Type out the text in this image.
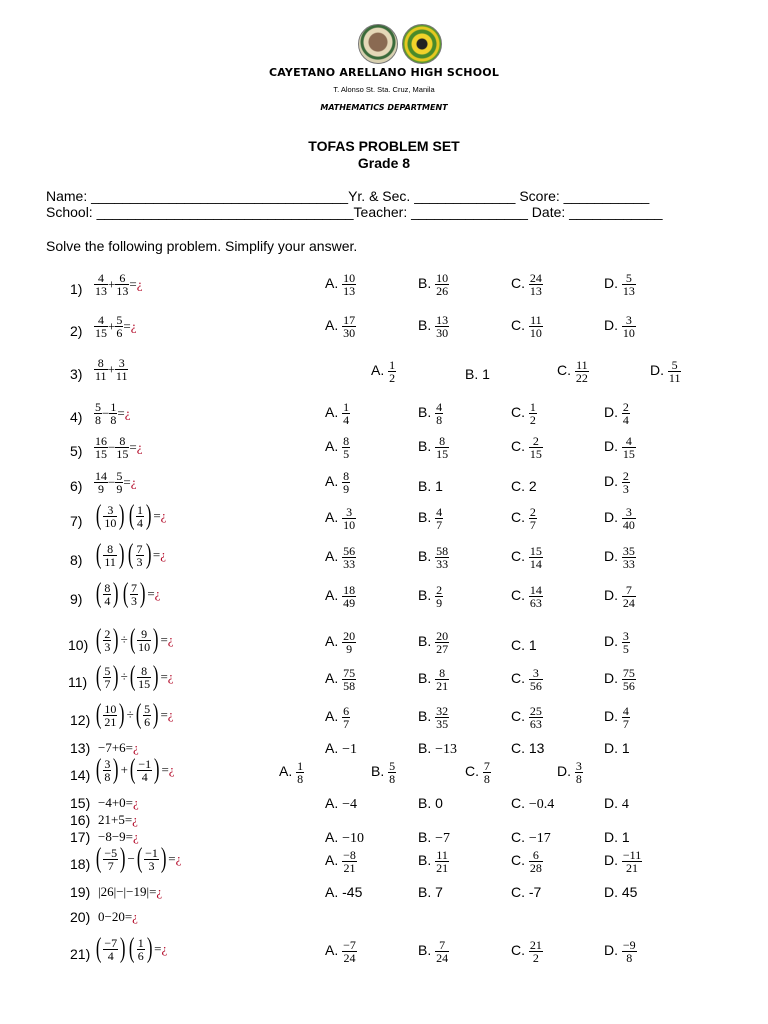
CAYETANO ARELLANO HIGH SCHOOL
T. Alonso St. Sta. Cruz, Manila
MATHEMATICS DEPARTMENT
TOFAS PROBLEM SET
Grade 8
Name: _________________________________Yr. & Sec. _____________ Score: ___________
School: _________________________________Teacher: _______________ Date: ____________
Solve the following problem. Simplify your answer.
$1) \frac{4}{13} + \frac{6}{13}$ =¿	A. $\frac{10}{13}$	B. $\frac{10}{26}$	C. $\frac{24}{13}$	D. $\frac{5}{13}$
$2) \frac{4}{15} + \frac{5}{6}$ =¿	A. $\frac{17}{30}$	B. $\frac{13}{30}$	C. $\frac{11}{10}$	D. $\frac{3}{10}$
$3) \frac{8}{11} + \frac{3}{11}$	A. $\frac{1}{2}$	B. 1	C. $\frac{11}{22}$	D. $\frac{5}{11}$
$4) \frac{5}{8} - \frac{1}{8}$ =¿	A. $\frac{1}{4}$	B. $\frac{4}{8}$	C. $\frac{1}{2}$	D. $\frac{2}{4}$
$5) \frac{16}{15} - \frac{8}{15}$ =¿	A. $\frac{8}{5}$	B. $\frac{8}{15}$	C. $\frac{2}{15}$	D. $\frac{4}{15}$
$6) \frac{14}{9} - \frac{5}{9}$ =¿	A. $\frac{8}{9}$	B. 1	C. 2	D. $\frac{2}{3}$
7) ( $\frac{3}{10}$ ) ( $\frac{1}{4}$ ) =¿	A. $\frac{3}{10}$	B. $\frac{4}{7}$	C. $\frac{2}{7}$	D. $\frac{3}{40}$
8) ( $\frac{8}{11}$ ) ( $\frac{7}{3}$ ) =¿	A. $\frac{56}{33}$	B. $\frac{58}{33}$	C. $\frac{15}{14}$	D. $\frac{35}{33}$
9) ( $\frac{8}{4}$ ) ( $\frac{7}{3}$ ) =¿	A. $\frac{18}{49}$	B. $\frac{2}{9}$	C. $\frac{14}{63}$	D. $\frac{7}{24}$
10) ( $\frac{2}{3}$ ) ÷( $\frac{9}{10}$ ) =¿	A. $\frac{20}{9}$	B. $\frac{20}{27}$	C. 1	D. $\frac{3}{5}$
11) ( $\frac{5}{7}$ ) ÷( $\frac{8}{15}$ ) =¿	A. $\frac{75}{58}$	B. $\frac{8}{21}$	C. $\frac{3}{56}$	D. $\frac{75}{56}$
12) ( $\frac{10}{21}$ ) ÷( $\frac{5}{6}$ ) =¿	A. $\frac{6}{7}$	B. $\frac{32}{35}$	C. $\frac{25}{63}$	D. $\frac{4}{7}$
13) −7+6=¿	A. −1	B. −13	C. 13	D. 1
14) ( $\frac{3}{8}$ ) +( $\frac{-1}{4}$ ) =¿	A. $\frac{1}{8}$	B. $\frac{5}{8}$	C. $\frac{7}{8}$	D. $\frac{3}{8}$
15) −4+0=¿	A. −4	B. 0	C. −0.4	D. 4
16) 21+5=¿
17) −8−9=¿	A. −10	B. −7	C. −17	D. 1
18) ( $\frac{-5}{7}$ ) −( $\frac{-1}{3}$ ) =¿	A. $\frac{-8}{21}$	B. $\frac{11}{21}$	C. $\frac{6}{28}$	D. $\frac{-11}{21}$
19) |26|−|−19|=¿	A. -45	B. 7	C. -7	D. 45
20) 0−20=¿
21) ( $\frac{-7}{4}$ ) ( $\frac{1}{6}$ ) =¿	A. $\frac{-7}{24}$	B. $\frac{7}{24}$	C. $\frac{21}{2}$	D. $\frac{-9}{8}$
